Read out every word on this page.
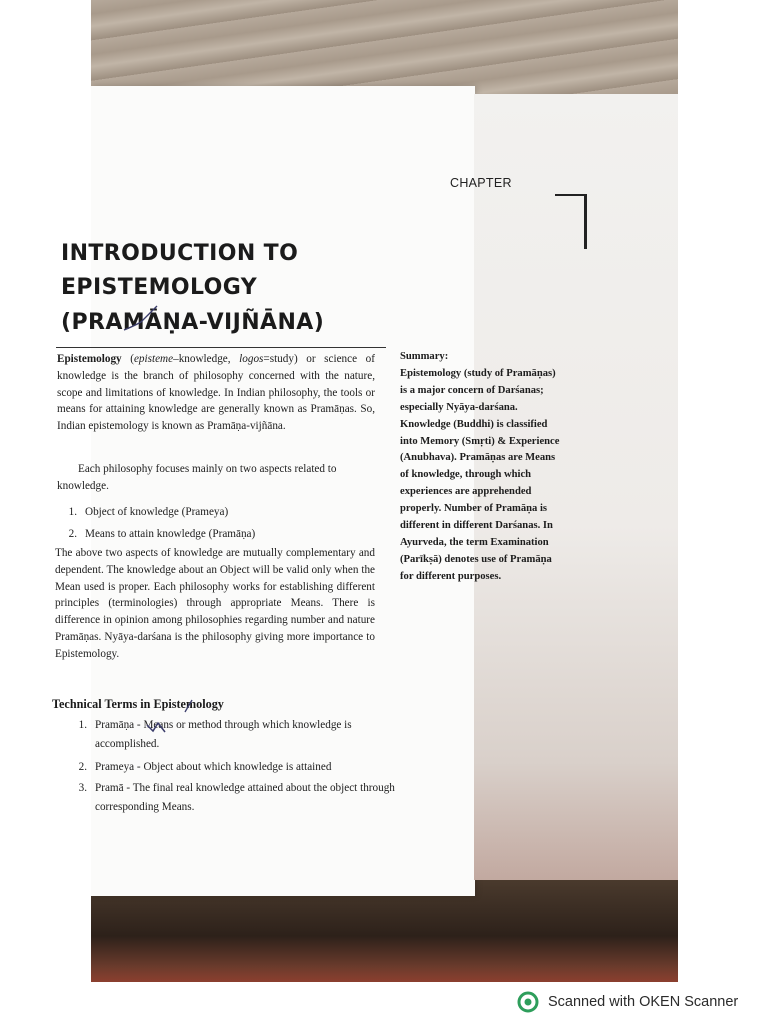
CHAPTER
INTRODUCTION TO
EPISTEMOLOGY
(PRAMĀṆA-VIJÑĀNA)
Epistemology (episteme–knowledge, logos=study) or science of knowledge is the branch of philosophy concerned with the nature, scope and limitations of knowledge. In Indian philosophy, the tools or means for attaining knowledge are generally known as Pramāṇas. So, Indian epistemology is known as Pramāṇa-vijñāna.
Each philosophy focuses mainly on two aspects related to knowledge.
1. Object of knowledge (Prameya)
2. Means to attain knowledge (Pramāṇa)
The above two aspects of knowledge are mutually complementary and dependent. The knowledge about an Object will be valid only when the Mean used is proper. Each philosophy works for establishing different principles (terminologies) through appropriate Means. There is difference in opinion among philosophies regarding number and nature Pramāṇas. Nyāya-darśana is the philosophy giving more importance to Epistemology.
Technical Terms in Epistemology
1. Pramāṇa - Means or method through which knowledge is accomplished.
2. Prameya - Object about which knowledge is attained
3. Pramā - The final real knowledge attained about the object through corresponding Means.
Summary:
Epistemology (study of Pramāṇas) is a major concern of Darśanas; especially Nyāya-darśana. Knowledge (Buddhi) is classified into Memory (Smṛti) & Experience (Anubhava). Pramāṇas are Means of knowledge, through which experiences are apprehended properly. Number of Pramāṇa is different in different Darśanas. In Ayurveda, the term Examination (Parīkṣā) denotes use of Pramāṇa for different purposes.
Scanned with OKEN Scanner
